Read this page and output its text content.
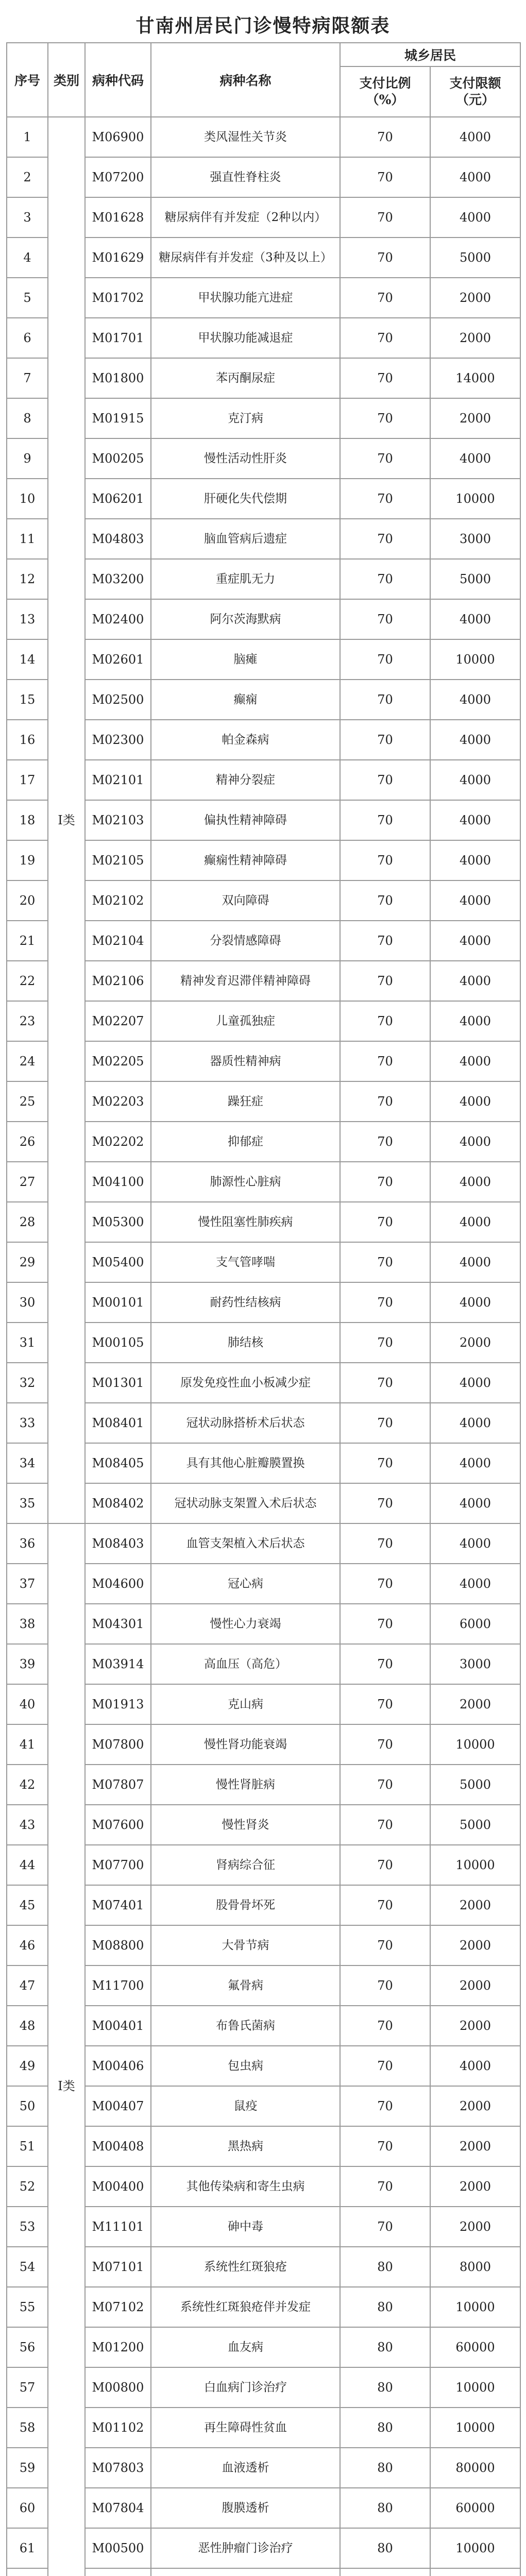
甘南州居民门诊慢特病限额表
序号	类别	病种代码	病种名称	城乡居民	
				支付比例（%）	支付限额（元）
1	Ⅰ类	M06900	类风湿性关节炎	70	4000
2		M07200	强直性脊柱炎	70	4000
3		M01628	糖尿病伴有并发症（2种以内）	70	4000
4		M01629	糖尿病伴有并发症（3种及以上）	70	5000
5		M01702	甲状腺功能亢进症	70	2000
6		M01701	甲状腺功能减退症	70	2000
7		M01800	苯丙酮尿症	70	14000
8		M01915	克汀病	70	2000
9		M00205	慢性活动性肝炎	70	4000
10		M06201	肝硬化失代偿期	70	10000
11		M04803	脑血管病后遗症	70	3000
12		M03200	重症肌无力	70	5000
13		M02400	阿尔茨海默病	70	4000
14		M02601	脑瘫	70	10000
15		M02500	癫痫	70	4000
16		M02300	帕金森病	70	4000
17		M02101	精神分裂症	70	4000
18		M02103	偏执性精神障碍	70	4000
19		M02105	癫痫性精神障碍	70	4000
20		M02102	双向障碍	70	4000
21		M02104	分裂情感障碍	70	4000
22		M02106	精神发育迟滞伴精神障碍	70	4000
23		M02207	儿童孤独症	70	4000
24		M02205	器质性精神病	70	4000
25		M02203	躁狂症	70	4000
26		M02202	抑郁症	70	4000
27		M04100	肺源性心脏病	70	4000
28		M05300	慢性阻塞性肺疾病	70	4000
29		M05400	支气管哮喘	70	4000
30		M00101	耐药性结核病	70	4000
31		M00105	肺结核	70	2000
32		M01301	原发免疫性血小板减少症	70	4000
33		M08401	冠状动脉搭桥术后状态	70	4000
34		M08405	具有其他心脏瓣膜置换	70	4000
35		M08402	冠状动脉支架置入术后状态	70	4000
36	Ⅰ类	M08403	血管支架植入术后状态	70	4000
37		M04600	冠心病	70	4000
38		M04301	慢性心力衰竭	70	6000
39		M03914	高血压（高危）	70	3000
40		M01913	克山病	70	2000
41		M07800	慢性肾功能衰竭	70	10000
42		M07807	慢性肾脏病	70	5000
43		M07600	慢性肾炎	70	5000
44		M07700	肾病综合征	70	10000
45		M07401	股骨骨坏死	70	2000
46		M08800	大骨节病	70	2000
47		M11700	氟骨病	70	2000
48		M00401	布鲁氏菌病	70	2000
49		M00406	包虫病	70	4000
50		M00407	鼠疫	70	2000
51		M00408	黑热病	70	2000
52		M00400	其他传染病和寄生虫病	70	2000
53		M11101	砷中毒	70	2000
54		M07101	系统性红斑狼疮	80	8000
55		M07102	系统性红斑狼疮伴并发症	80	10000
56		M01200	血友病	80	60000
57		M00800	白血病门诊治疗	80	10000
58		M01102	再生障碍性贫血	80	10000
59		M07803	血液透析	80	80000
60		M07804	腹膜透析	80	60000
61		M00500	恶性肿瘤门诊治疗	80	10000
